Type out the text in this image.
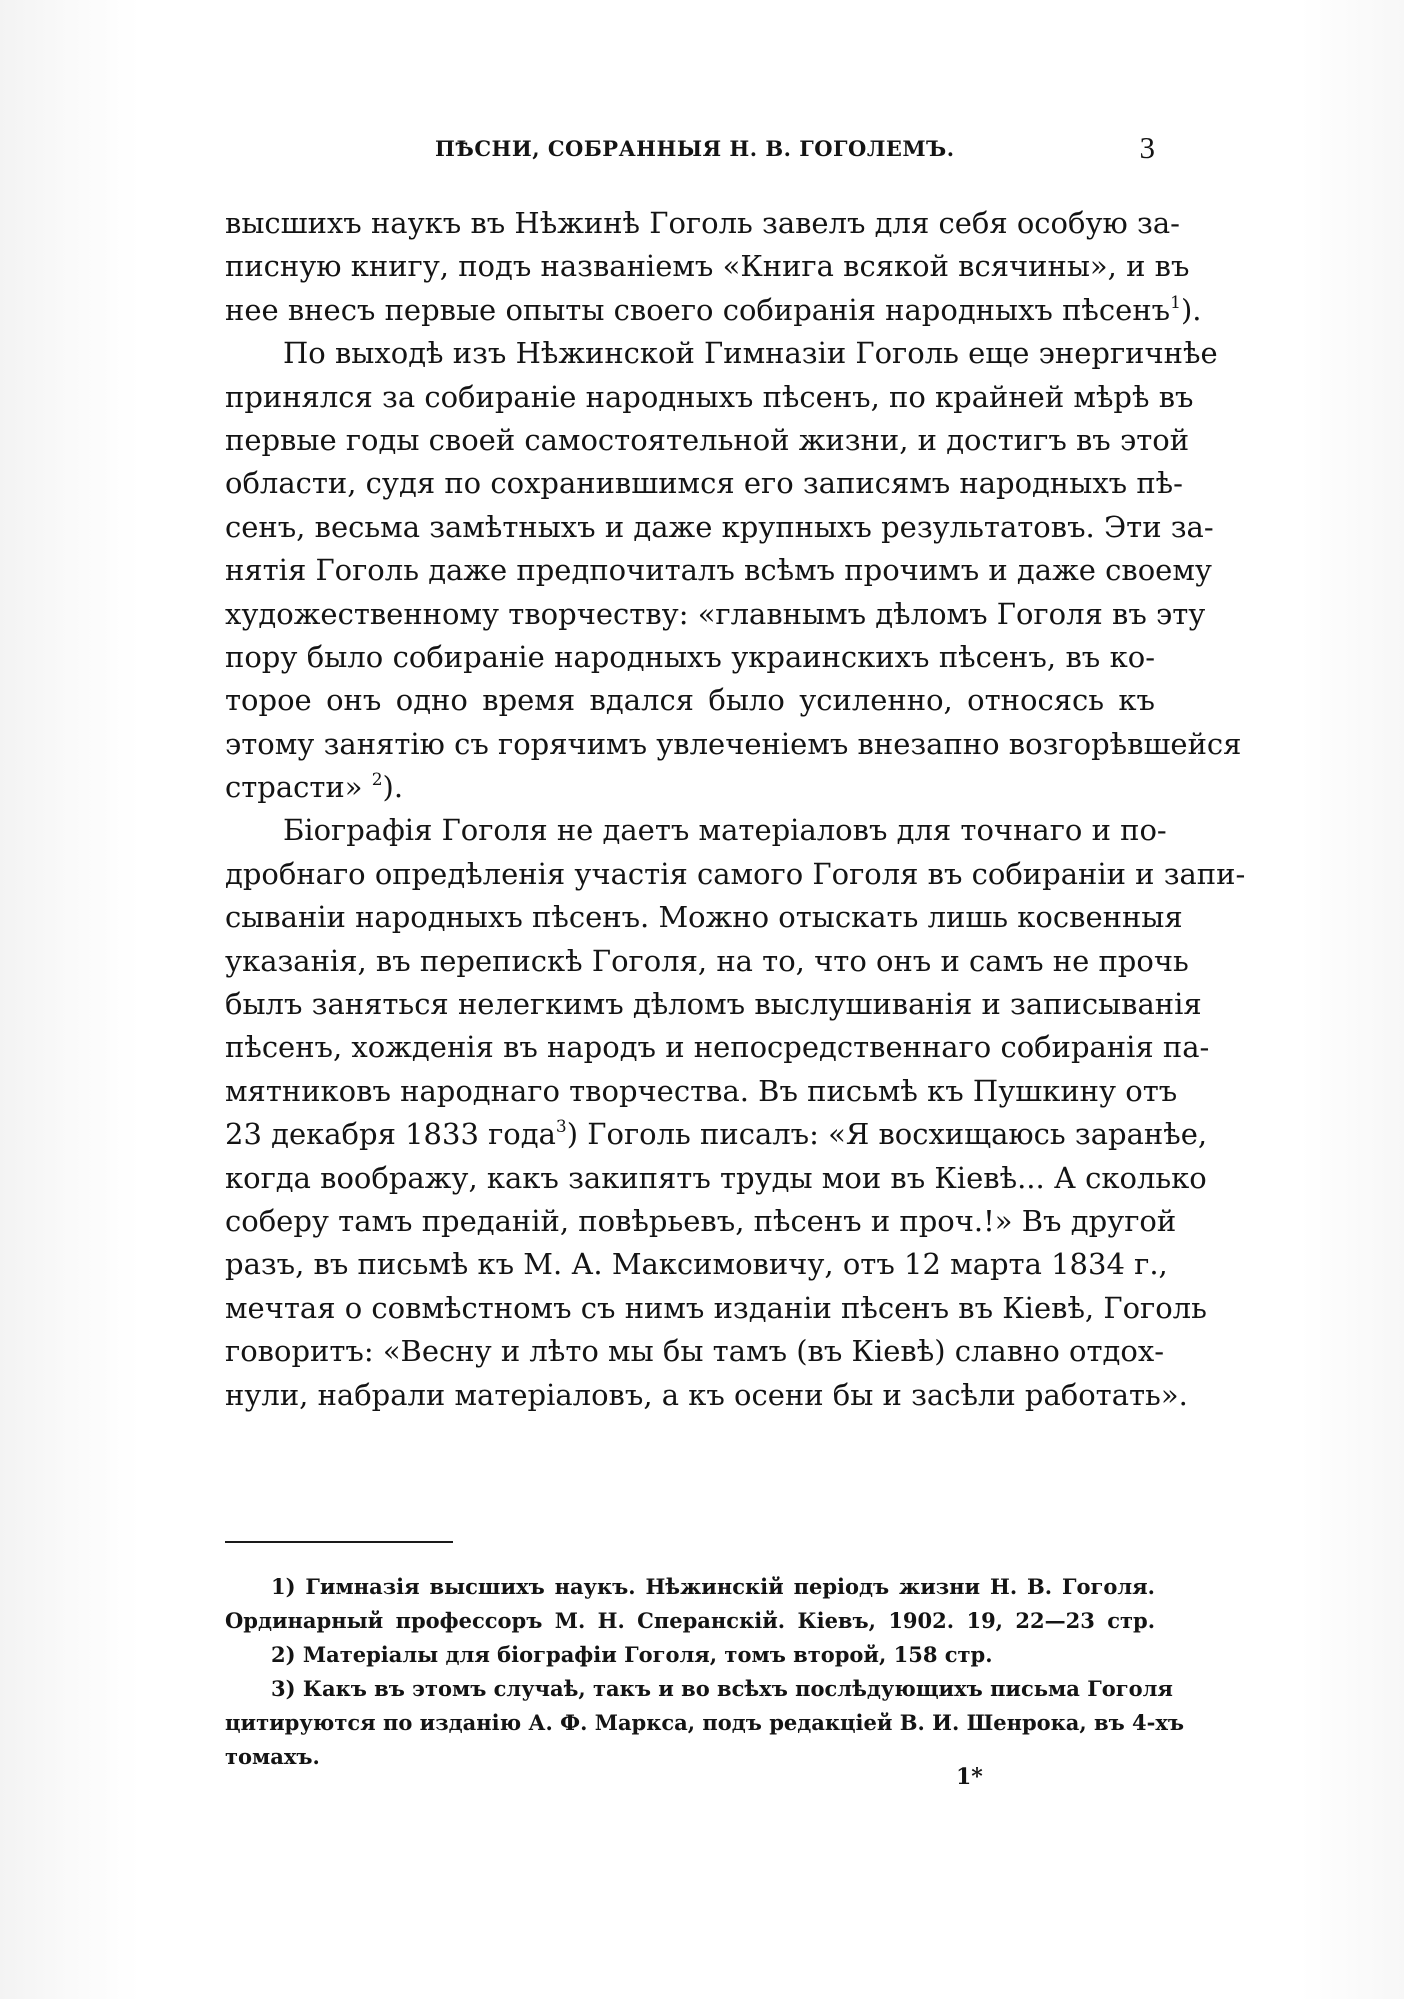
ПѢСНИ, СОБРАННЫЯ Н. В. ГОГОЛЕМЪ.	3
высшихъ наукъ въ Нѣжинѣ Гоголь завелъ для себя особую за-
писную книгу, подъ названіемъ «Книга всякой всячины», и въ
нее внесъ первые опыты своего собиранія народныхъ пѣсенъ$^1$).
По выходѣ изъ Нѣжинской Гимназіи Гоголь еще энергичнѣе
принялся за собираніе народныхъ пѣсенъ, по крайней мѣрѣ въ
первые годы своей самостоятельной жизни, и достигъ въ этой
области, судя по сохранившимся его записямъ народныхъ пѣ-
сенъ, весьма замѣтныхъ и даже крупныхъ результатовъ. Эти за-
нятія Гоголь даже предпочиталъ всѣмъ прочимъ и даже своему
художественному творчеству: «главнымъ дѣломъ Гоголя въ эту
пору было собираніе народныхъ украинскихъ пѣсенъ, въ ко-
торое онъ одно время вдался было усиленно, относясь къ
этому занятію съ горячимъ увлеченіемъ внезапно возгорѣвшейся
страсти» $^2$).
Біографія Гоголя не даетъ матеріаловъ для точнаго и по-
дробнаго опредѣленія участія самого Гоголя въ собираніи и запи-
сываніи народныхъ пѣсенъ. Можно отыскать лишь косвенныя
указанія, въ перепискѣ Гоголя, на то, что онъ и самъ не прочь
былъ заняться нелегкимъ дѣломъ выслушиванія и записыванія
пѣсенъ, хожденія въ народъ и непосредственнаго собиранія па-
мятниковъ народнаго творчества. Въ письмѣ къ Пушкину отъ
23 декабря 1833 года$^3$) Гоголь писалъ: «Я восхищаюсь заранѣе,
когда воображу, какъ закипятъ труды мои въ Кіевѣ... А сколько
соберу тамъ преданій, повѣрьевъ, пѣсенъ и проч.!» Въ другой
разъ, въ письмѣ къ М. А. Максимовичу, отъ 12 марта 1834 г.,
мечтая о совмѣстномъ съ нимъ изданіи пѣсенъ въ Кіевѣ, Гоголь
говоритъ: «Весну и лѣто мы бы тамъ (въ Кіевѣ) славно отдох-
нули, набрали матеріаловъ, а къ осени бы и засѣли работать».
1) Гимназія высшихъ наукъ. Нѣжинскій періодъ жизни Н. В. Гоголя.
Ординарный профессоръ М. Н. Сперанскій. Кіевъ, 1902. 19, 22—23 стр.
2) Матеріалы для біографіи Гоголя, томъ второй, 158 стр.
3) Какъ въ этомъ случаѣ, такъ и во всѣхъ послѣдующихъ письма Гоголя
цитируются по изданію А. Ф. Маркса, подъ редакціей В. И. Шенрока, въ 4-хъ
томахъ.
1*
